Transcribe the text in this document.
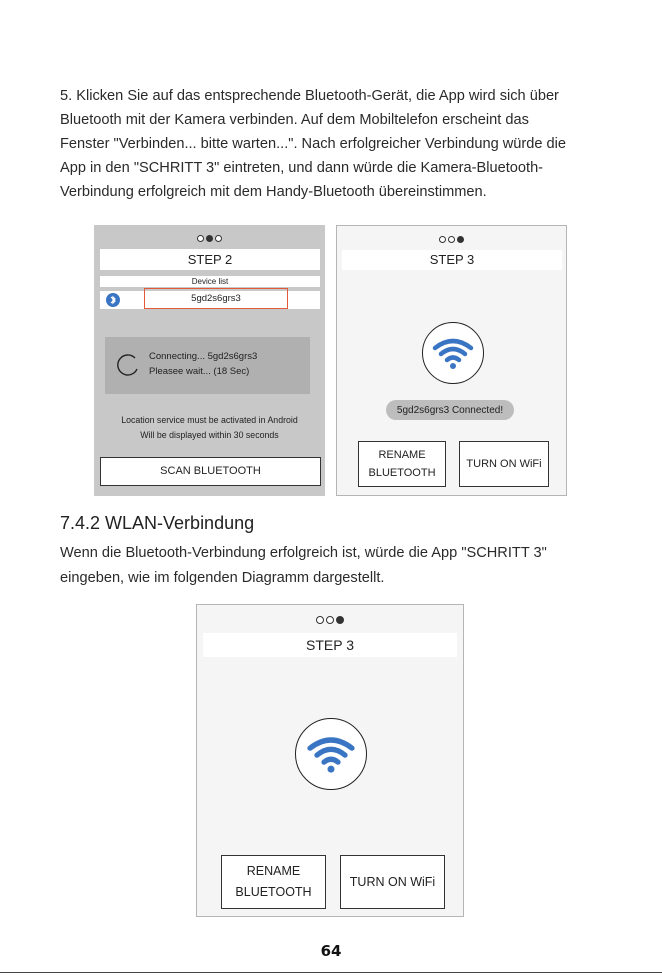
5. Klicken Sie auf das entsprechende Bluetooth-Gerät, die App wird sich über

Bluetooth mit der Kamera verbinden. Auf dem Mobiltelefon erscheint das

Fenster "Verbinden... bitte warten...". Nach erfolgreicher Verbindung würde die

App in den "SCHRITT 3" eintreten, und dann würde die Kamera-Bluetooth-

Verbindung erfolgreich mit dem Handy-Bluetooth übereinstimmen.

STEP 2
Device list
5gd2s6grs3
Connecting... 5gd2s6grs3
Pleasee wait... (18 Sec)
Location service must be activated in Android
Will be displayed within 30 seconds
SCAN BLUETOOTH
STEP 3
5gd2s6grs3 Connected!
RENAME
BLUETOOTH
TURN ON WiFi
7.4.2 WLAN-Verbindung

Wenn die Bluetooth-Verbindung erfolgreich ist, würde die App "SCHRITT 3"

eingeben, wie im folgenden Diagramm dargestellt.

STEP 3
RENAME
BLUETOOTH
TURN ON WiFi
64
